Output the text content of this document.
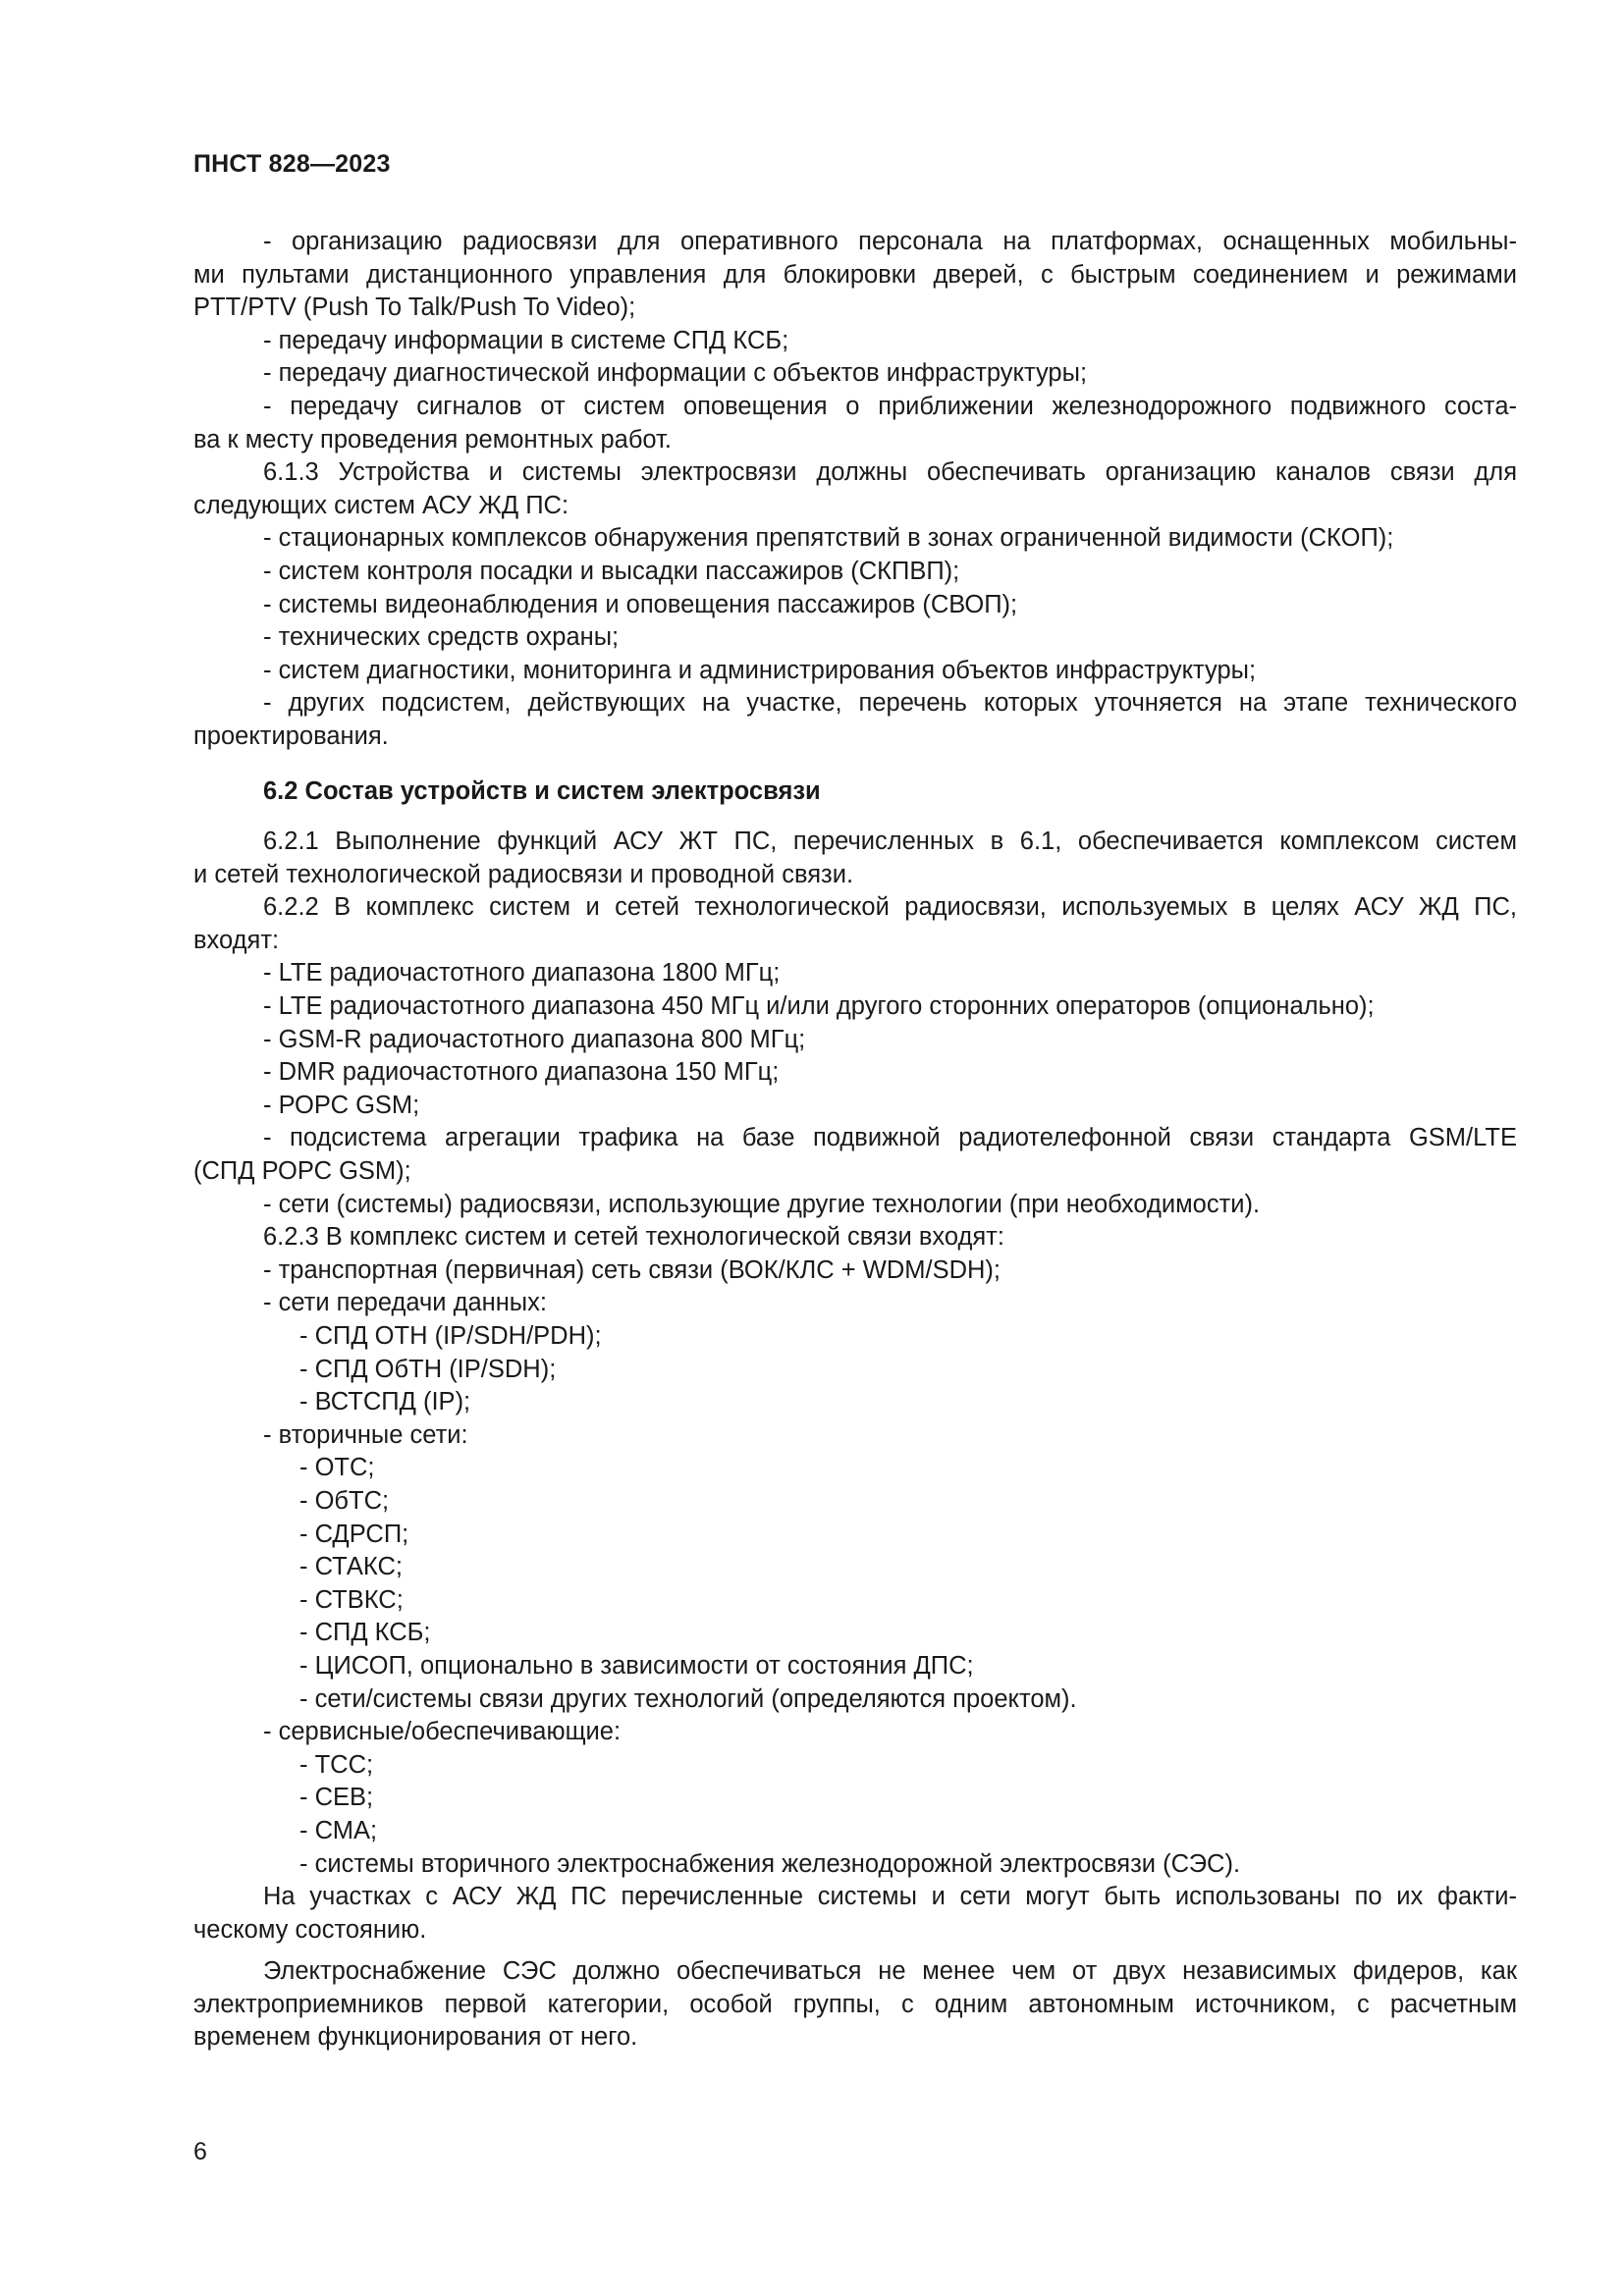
ПНСТ 828—2023

- организацию радиосвязи для оперативного персонала на платформах, оснащенных мобильны-

ми пультами дистанционного управления для блокировки дверей, с быстрым соединением и режимами

PTT/PTV (Push To Talk/Push To Video);

- передачу информации в системе СПД КСБ;

- передачу диагностической информации с объектов инфраструктуры;

- передачу сигналов от систем оповещения о приближении железнодорожного подвижного соста-

ва к месту проведения ремонтных работ.

6.1.3 Устройства и системы электросвязи должны обеспечивать организацию каналов связи для

следующих систем АСУ ЖД ПС:

- стационарных комплексов обнаружения препятствий в зонах ограниченной видимости (СКОП);

- систем контроля посадки и высадки пассажиров (СКПВП);

- системы видеонаблюдения и оповещения пассажиров (СВОП);

- технических средств охраны;

- систем диагностики, мониторинга и администрирования объектов инфраструктуры;

- других подсистем, действующих на участке, перечень которых уточняется на этапе технического

проектирования.

6.2 Состав устройств и систем электросвязи

6.2.1 Выполнение функций АСУ ЖТ ПС, перечисленных в 6.1, обеспечивается комплексом систем

и сетей технологической радиосвязи и проводной связи.

6.2.2 В комплекс систем и сетей технологической радиосвязи, используемых в целях АСУ ЖД ПС,

входят:

- LTE радиочастотного диапазона 1800 МГц;

- LTE радиочастотного диапазона 450 МГц и/или другого сторонних операторов (опционально);

- GSM-R радиочастотного диапазона 800 МГц;

- DMR радиочастотного диапазона 150 МГц;

- РОРС GSM;

- подсистема агрегации трафика на базе подвижной радиотелефонной связи стандарта GSM/LTE

(СПД РОРС GSM);

- сети (системы) радиосвязи, использующие другие технологии (при необходимости).

6.2.3 В комплекс систем и сетей технологической связи входят:

- транспортная (первичная) сеть связи (ВОК/КЛС + WDM/SDH);

- сети передачи данных:

- СПД ОТН (IP/SDH/PDH);

- СПД ОбТН (IP/SDH);

- ВСТСПД (IP);

- вторичные сети:

- ОТС;

- ОбТС;

- СДРСП;

- СТАКС;

- СТВКС;

- СПД КСБ;

- ЦИСОП, опционально в зависимости от состояния ДПС;

- сети/системы связи других технологий (определяются проектом).

- сервисные/обеспечивающие:

- ТСС;

- СЕВ;

- СМА;

- системы вторичного электроснабжения железнодорожной электросвязи (СЭС).

На участках с АСУ ЖД ПС перечисленные системы и сети могут быть использованы по их факти-

ческому состоянию.

Электроснабжение СЭС должно обеспечиваться не менее чем от двух независимых фидеров, как

электроприемников первой категории, особой группы, с одним автономным источником, с расчетным

временем функционирования от него.

6
